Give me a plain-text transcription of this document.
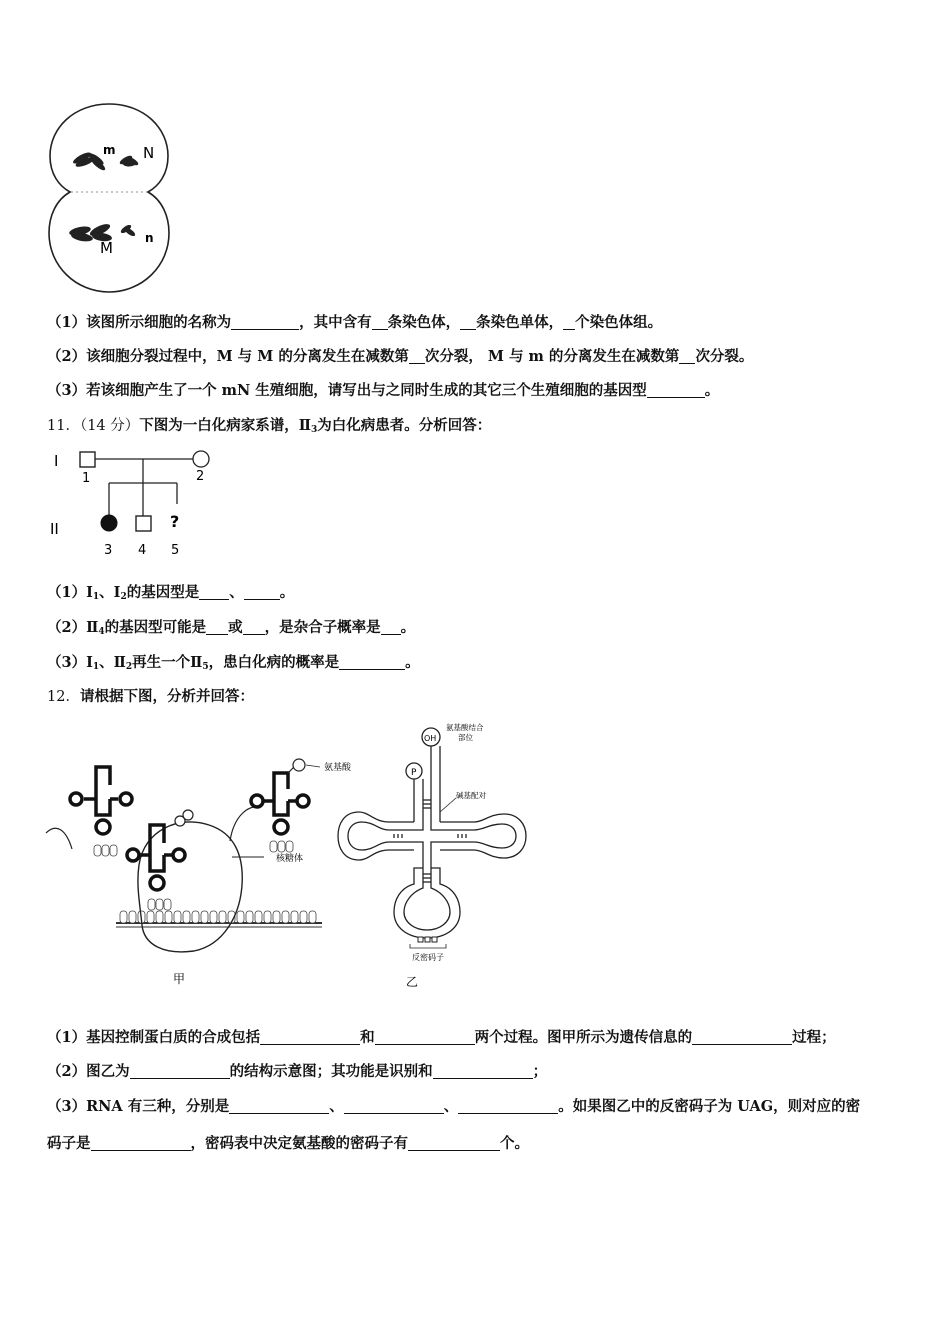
m N
M
n
（1）该图所示细胞的名称为	，其中含有 条染色体， 条染色单体， 个染色体组。
（2）该细胞分裂过程中，M 与 M 的分离发生在减数第 次分裂， M 与 m 的分离发生在减数第 次分裂。
（3）若该细胞产生了一个 mN 生殖细胞，请写出与之同时生成的其它三个生殖细胞的基因型	。
11．（14 分）下图为一白化病家系谱，$Ⅱ_3$为白化病患者。分析回答：
I
II
1	2
?
3 4 5
$(1)Ⅰ_1$、$Ⅰ_2$的基因型是 、 。
$(2)Ⅱ_4$的基因型可能是 或 ，是杂合子概率是 。
$(3)Ⅰ_1$、$Ⅱ_2$再生一个$Ⅱ_5$，患白化病的概率是	。
12．请根据下图，分析并回答：
核糖体
氨基酸
甲
OH
氨基酸结合
部位
P
碱基配对
反密码子
乙
（1）基因控制蛋白质的合成包括	和	两个过程。图甲所示为遗传信息的	过程；
（2）图乙为	的结构示意图；其功能是识别和	；
（3）RNA 有三种，分别是	、	、	。如果图乙中的反密码子为 UAG，则对应的密
码子是	，密码表中决定氨基酸的密码子有	个。
